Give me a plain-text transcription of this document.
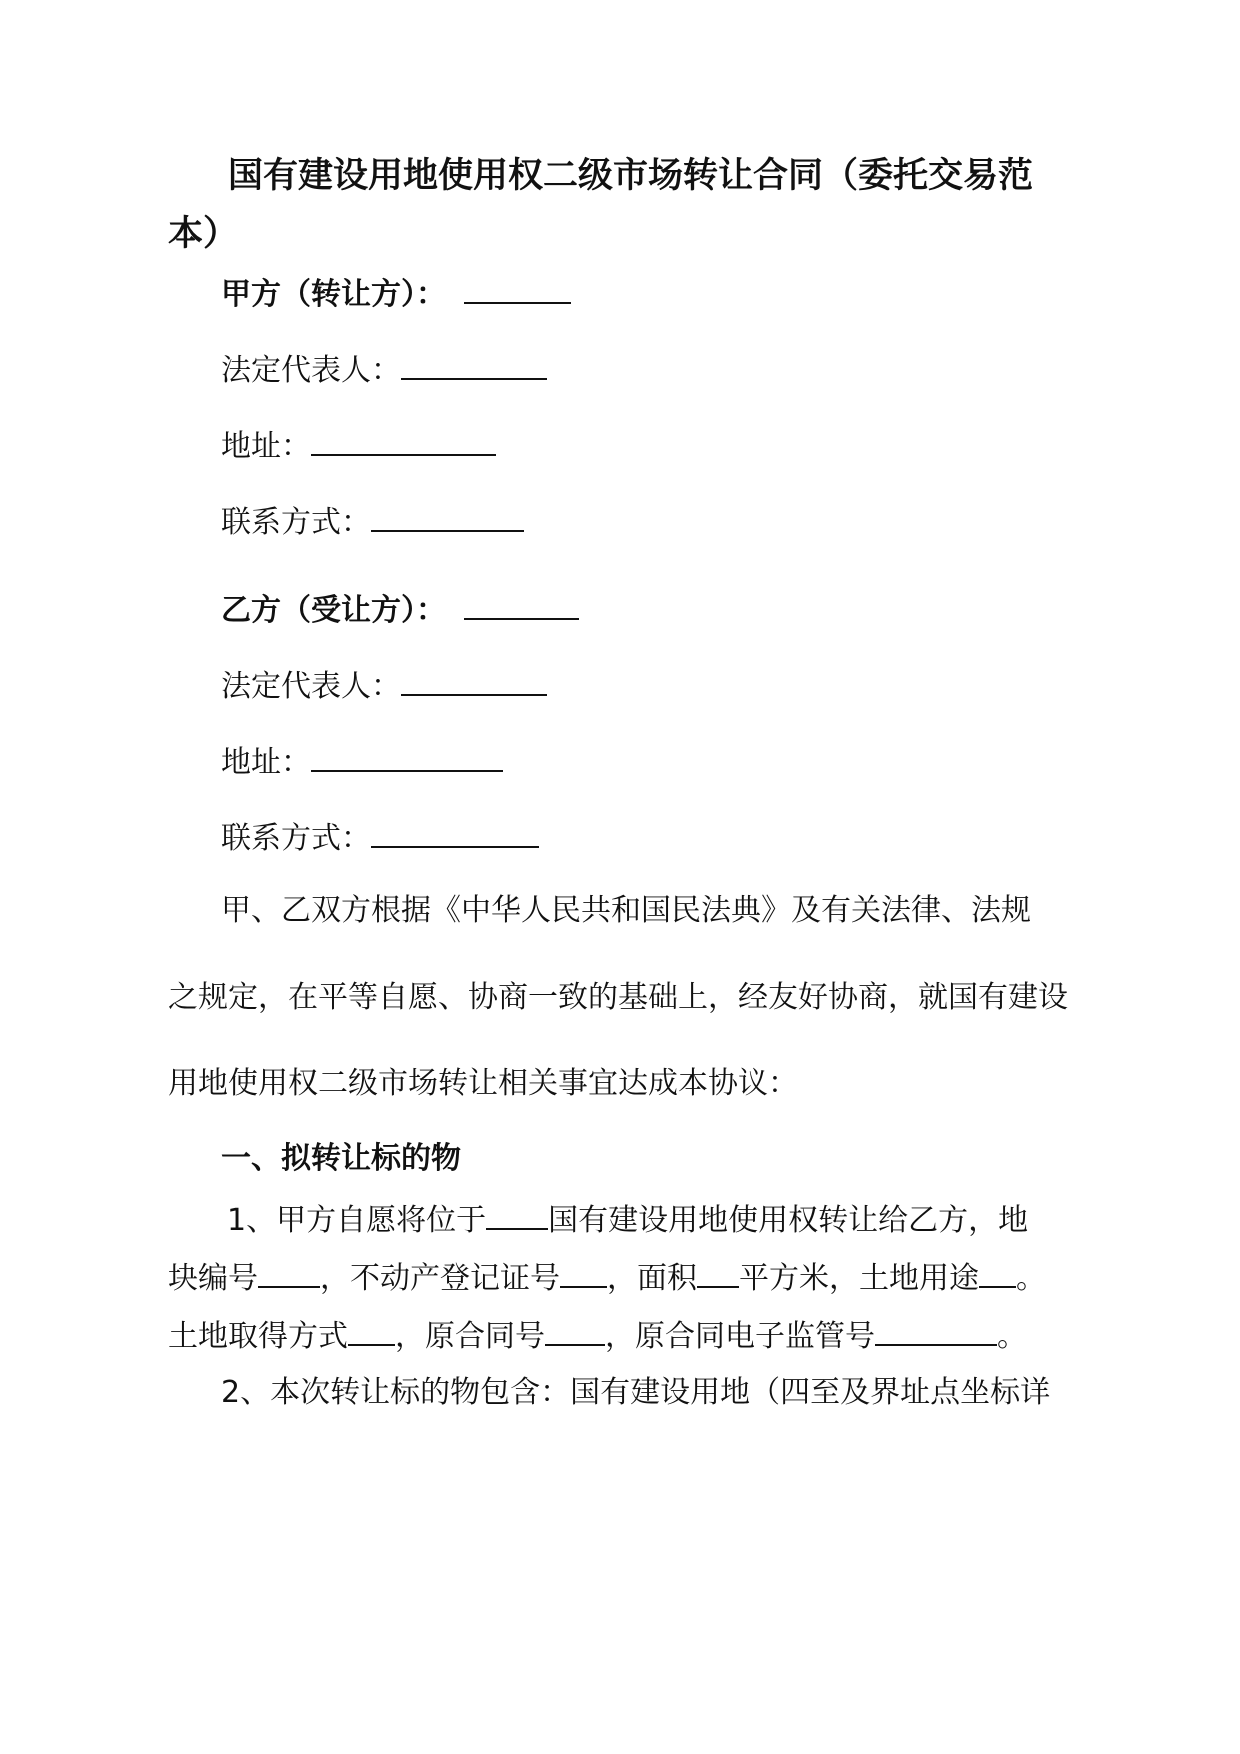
国有建设用地使用权二级市场转让合同（委托交易范
本）
甲方（转让方）：
法定代表人：
地址：
联系方式：
乙方（受让方）：
法定代表人：
地址：
联系方式：
甲、乙双方根据《中华人民共和国民法典》及有关法律、法规
之规定，在平等自愿、协商一致的基础上，经友好协商，就国有建设
用地使用权二级市场转让相关事宜达成本协议：
一、拟转让标的物
1、甲方自愿将位于 国有建设用地使用权转让给乙方，地
块编号 ，不动产登记证号 ，面积 平方米，土地用途 。
土地取得方式 ，原合同号 ，原合同电子监管号	。
2、本次转让标的物包含：国有建设用地（四至及界址点坐标详
